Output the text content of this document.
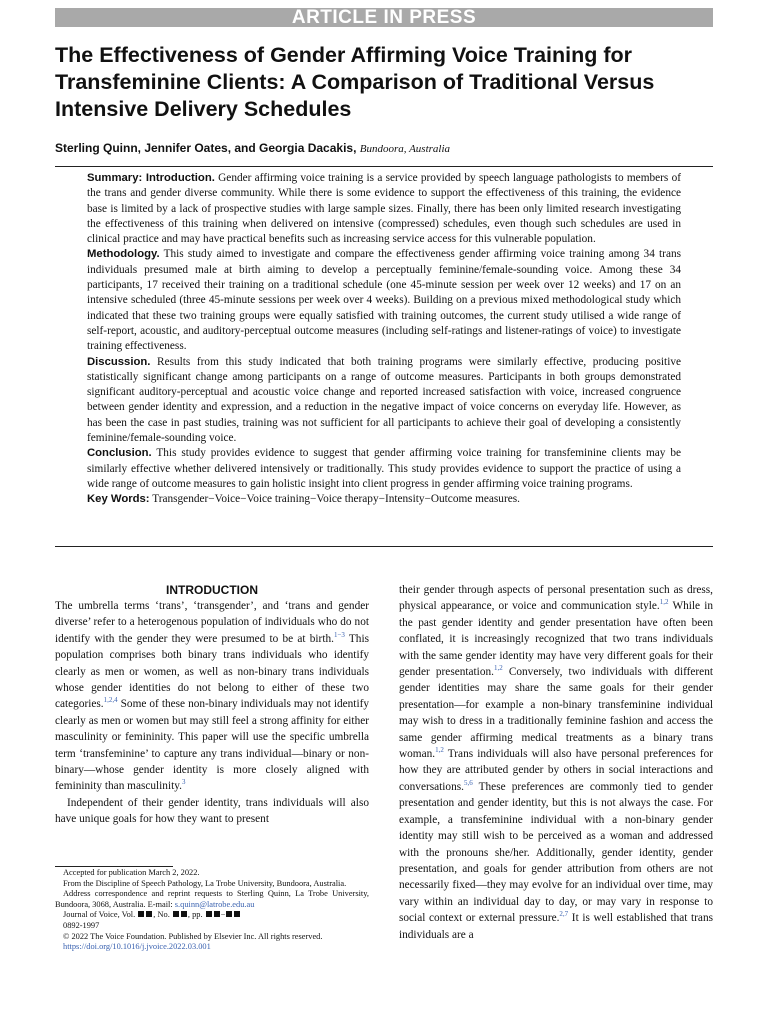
ARTICLE IN PRESS
The Effectiveness of Gender Affirming Voice Training for Transfeminine Clients: A Comparison of Traditional Versus Intensive Delivery Schedules
Sterling Quinn, Jennifer Oates, and Georgia Dacakis, Bundoora, Australia

Summary: Introduction. Gender affirming voice training is a service provided by speech language pathologists to members of the trans and gender diverse community. While there is some evidence to support the effectiveness of this training, the evidence base is limited by a lack of prospective studies with large sample sizes. Finally, there has been only limited research investigating the effectiveness of this training when delivered on intensive (compressed) schedules, even though such schedules are used in clinical practice and may have practical benefits such as increasing service access for this vulnerable population.

Methodology. This study aimed to investigate and compare the effectiveness gender affirming voice training among 34 trans individuals presumed male at birth aiming to develop a perceptually feminine/female-sounding voice. Among these 34 participants, 17 received their training on a traditional schedule (one 45-minute session per week over 12 weeks) and 17 on an intensive scheduled (three 45-minute sessions per week over 4 weeks). Building on a previous mixed methodological study which indicated that these two training groups were equally satisfied with training outcomes, the current study utilised a wide range of self-report, acoustic, and auditory-perceptual outcome measures (including self-ratings and listener-ratings of voice) to investigate training effectiveness.

Discussion. Results from this study indicated that both training programs were similarly effective, producing positive statistically significant change among participants on a range of outcome measures. Participants in both groups demonstrated significant auditory-perceptual and acoustic voice change and reported increased satisfaction with voice, increased congruence between gender identity and expression, and a reduction in the negative impact of voice concerns on everyday life. However, as has been the case in past studies, training was not sufficient for all participants to achieve their goal of developing a consistently feminine/female-sounding voice.

Conclusion. This study provides evidence to suggest that gender affirming voice training for transfeminine clients may be similarly effective whether delivered intensively or traditionally. This study provides evidence to support the practice of using a wide range of outcome measures to gain holistic insight into client progress in gender affirming voice training programs.

Key Words: Transgender−Voice−Voice training−Voice therapy−Intensity−Outcome measures.

INTRODUCTION

The umbrella terms ‘trans’, ‘transgender’, and ‘trans and gender diverse’ refer to a heterogenous population of individuals who do not identify with the gender they were presumed to be at birth.$^{1-3}$ This population comprises both binary trans individuals who identify clearly as men or women, as well as non-binary trans individuals whose gender identities do not belong to either of these two categories.$^{1,2,4}$ Some of these non-binary individuals may not identify clearly as men or women but may still feel a strong affinity for either masculinity or femininity. This paper will use the specific umbrella term ‘transfeminine’ to capture any trans individual—binary or non-binary—whose gender identity is more closely aligned with femininity than masculinity.$^3$

Independent of their gender identity, trans individuals will also have unique goals for how they want to present

their gender through aspects of personal presentation such as dress, physical appearance, or voice and communication style.$^{1,2}$ While in the past gender identity and gender presentation have often been conflated, it is increasingly recognized that two trans individuals with the same gender identity may have very different goals for their gender presentation.$^{1,2}$ Conversely, two individuals with different gender identities may share the same goals for their gender presentation—for example a non-binary transfeminine individual may wish to dress in a traditionally feminine fashion and access the same gender affirming medical treatments as a binary trans woman.$^{1,2}$ Trans individuals will also have personal preferences for how they are attributed gender by others in social interactions and conversations.$^{5,6}$ These preferences are commonly tied to gender presentation and gender identity, but this is not always the case. For example, a transfeminine individual with a non-binary gender identity may still wish to be perceived as a woman and addressed with the pronouns she/her. Additionally, gender identity, gender presentation, and goals for gender attribution from others are not necessarily fixed—they may evolve for an individual over time, may vary within an individual day to day, or may vary in response to social context or external pressure.$^{2,7}$ It is well established that trans individuals are a

Accepted for publication March 2, 2022.

From the Discipline of Speech Pathology, La Trobe University, Bundoora, Australia.

Address correspondence and reprint requests to Sterling Quinn, La Trobe University, Bundoora, 3068, Australia. E-mail: s.quinn@latrobe.edu.au

Journal of Voice, Vol. , No. , pp. −

0892-1997

© 2022 The Voice Foundation. Published by Elsevier Inc. All rights reserved.

https://doi.org/10.1016/j.jvoice.2022.03.001
